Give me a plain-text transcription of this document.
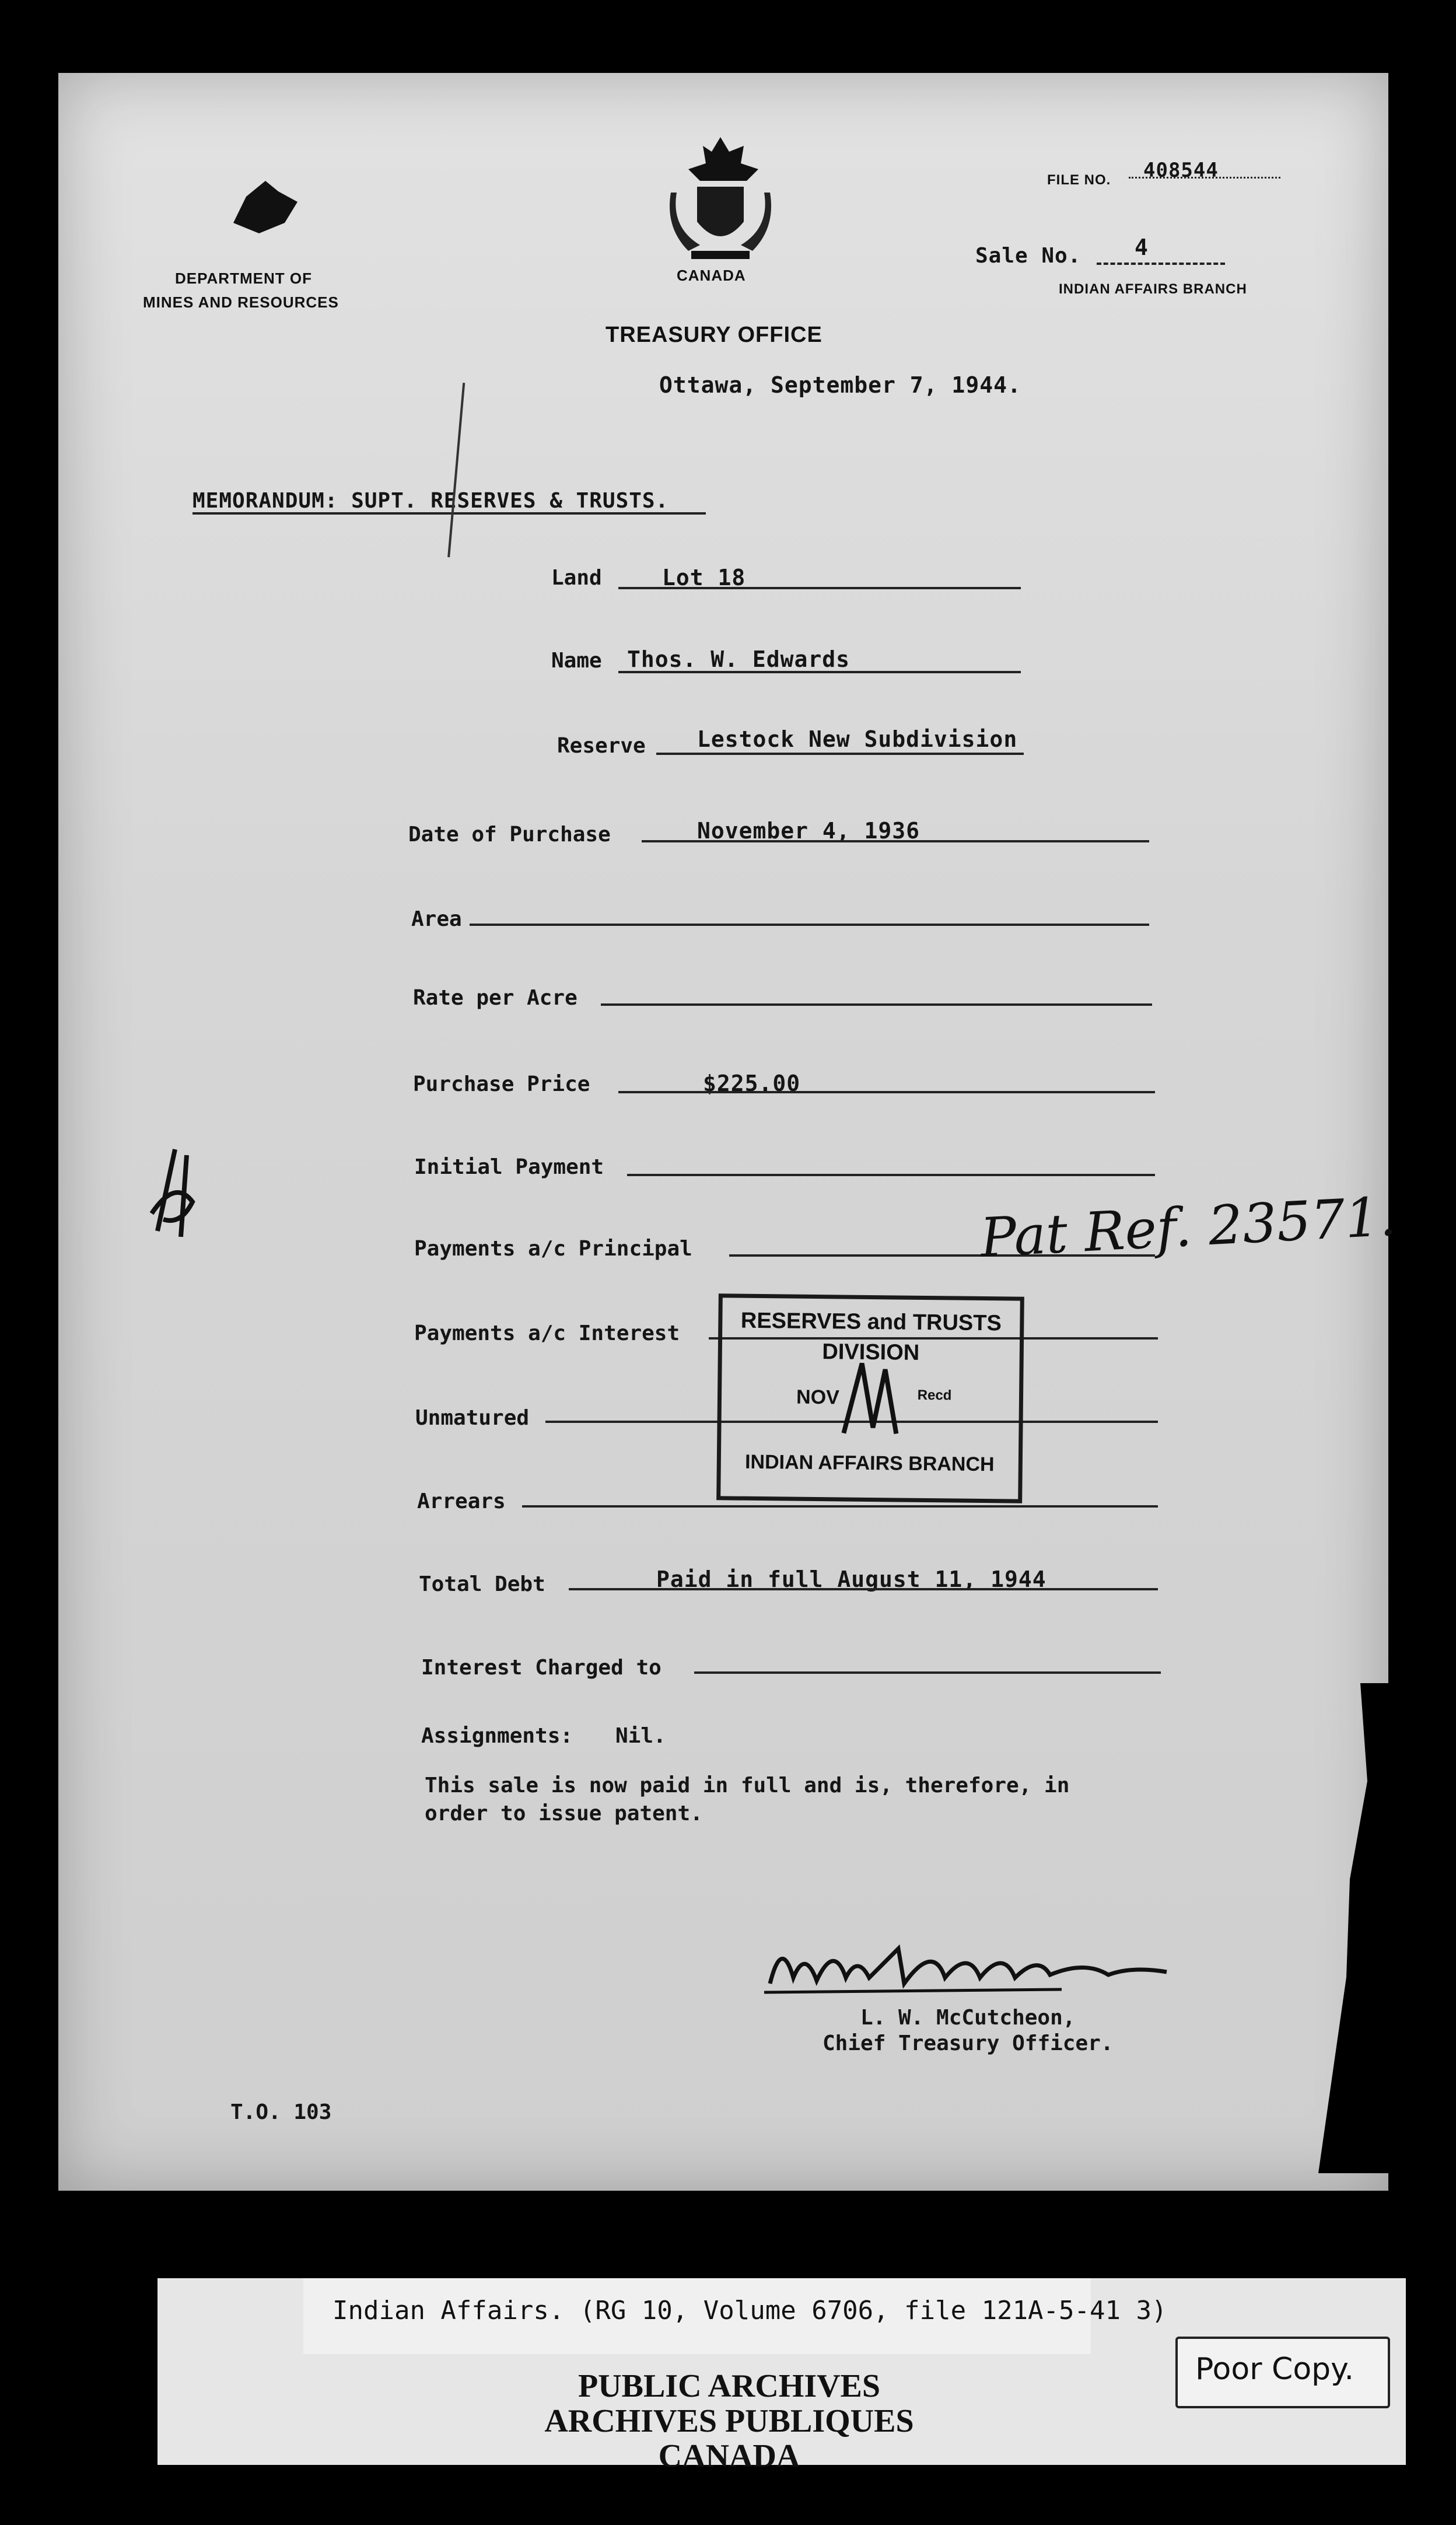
DEPARTMENT OF
MINES AND RESOURCES
CANADA
FILE NO. 408544
Sale No. 4
INDIAN AFFAIRS BRANCH
TREASURY OFFICE
Ottawa, September 7, 1944.
MEMORANDUM: SUPT. RESERVES & TRUSTS.
Land	Lot 18
Name Thos. W. Edwards
Reserve Lestock New Subdivision
Date of Purchase	November 4, 1936
Area
Rate per Acre
Purchase Price	$225.00
Initial Payment
Payments a/c Principal
Payments a/c Interest
Unmatured
Arrears
Total Debt	Paid in full August 11, 1944
Interest Charged to
Assignments: Nil.
This sale is now paid in full and is, therefore, in
order to issue patent.
Pat Ref. 23571.
RESERVES and TRUSTS
DIVISION
NOV	Recd
INDIAN AFFAIRS BRANCH
L. W. McCutcheon,
Chief Treasury Officer.
T.O. 103
Indian Affairs. (RG 10, Volume 6706, file 121A-5-41 3)
PUBLIC ARCHIVES
ARCHIVES PUBLIQUES
CANADA
Poor Copy.
